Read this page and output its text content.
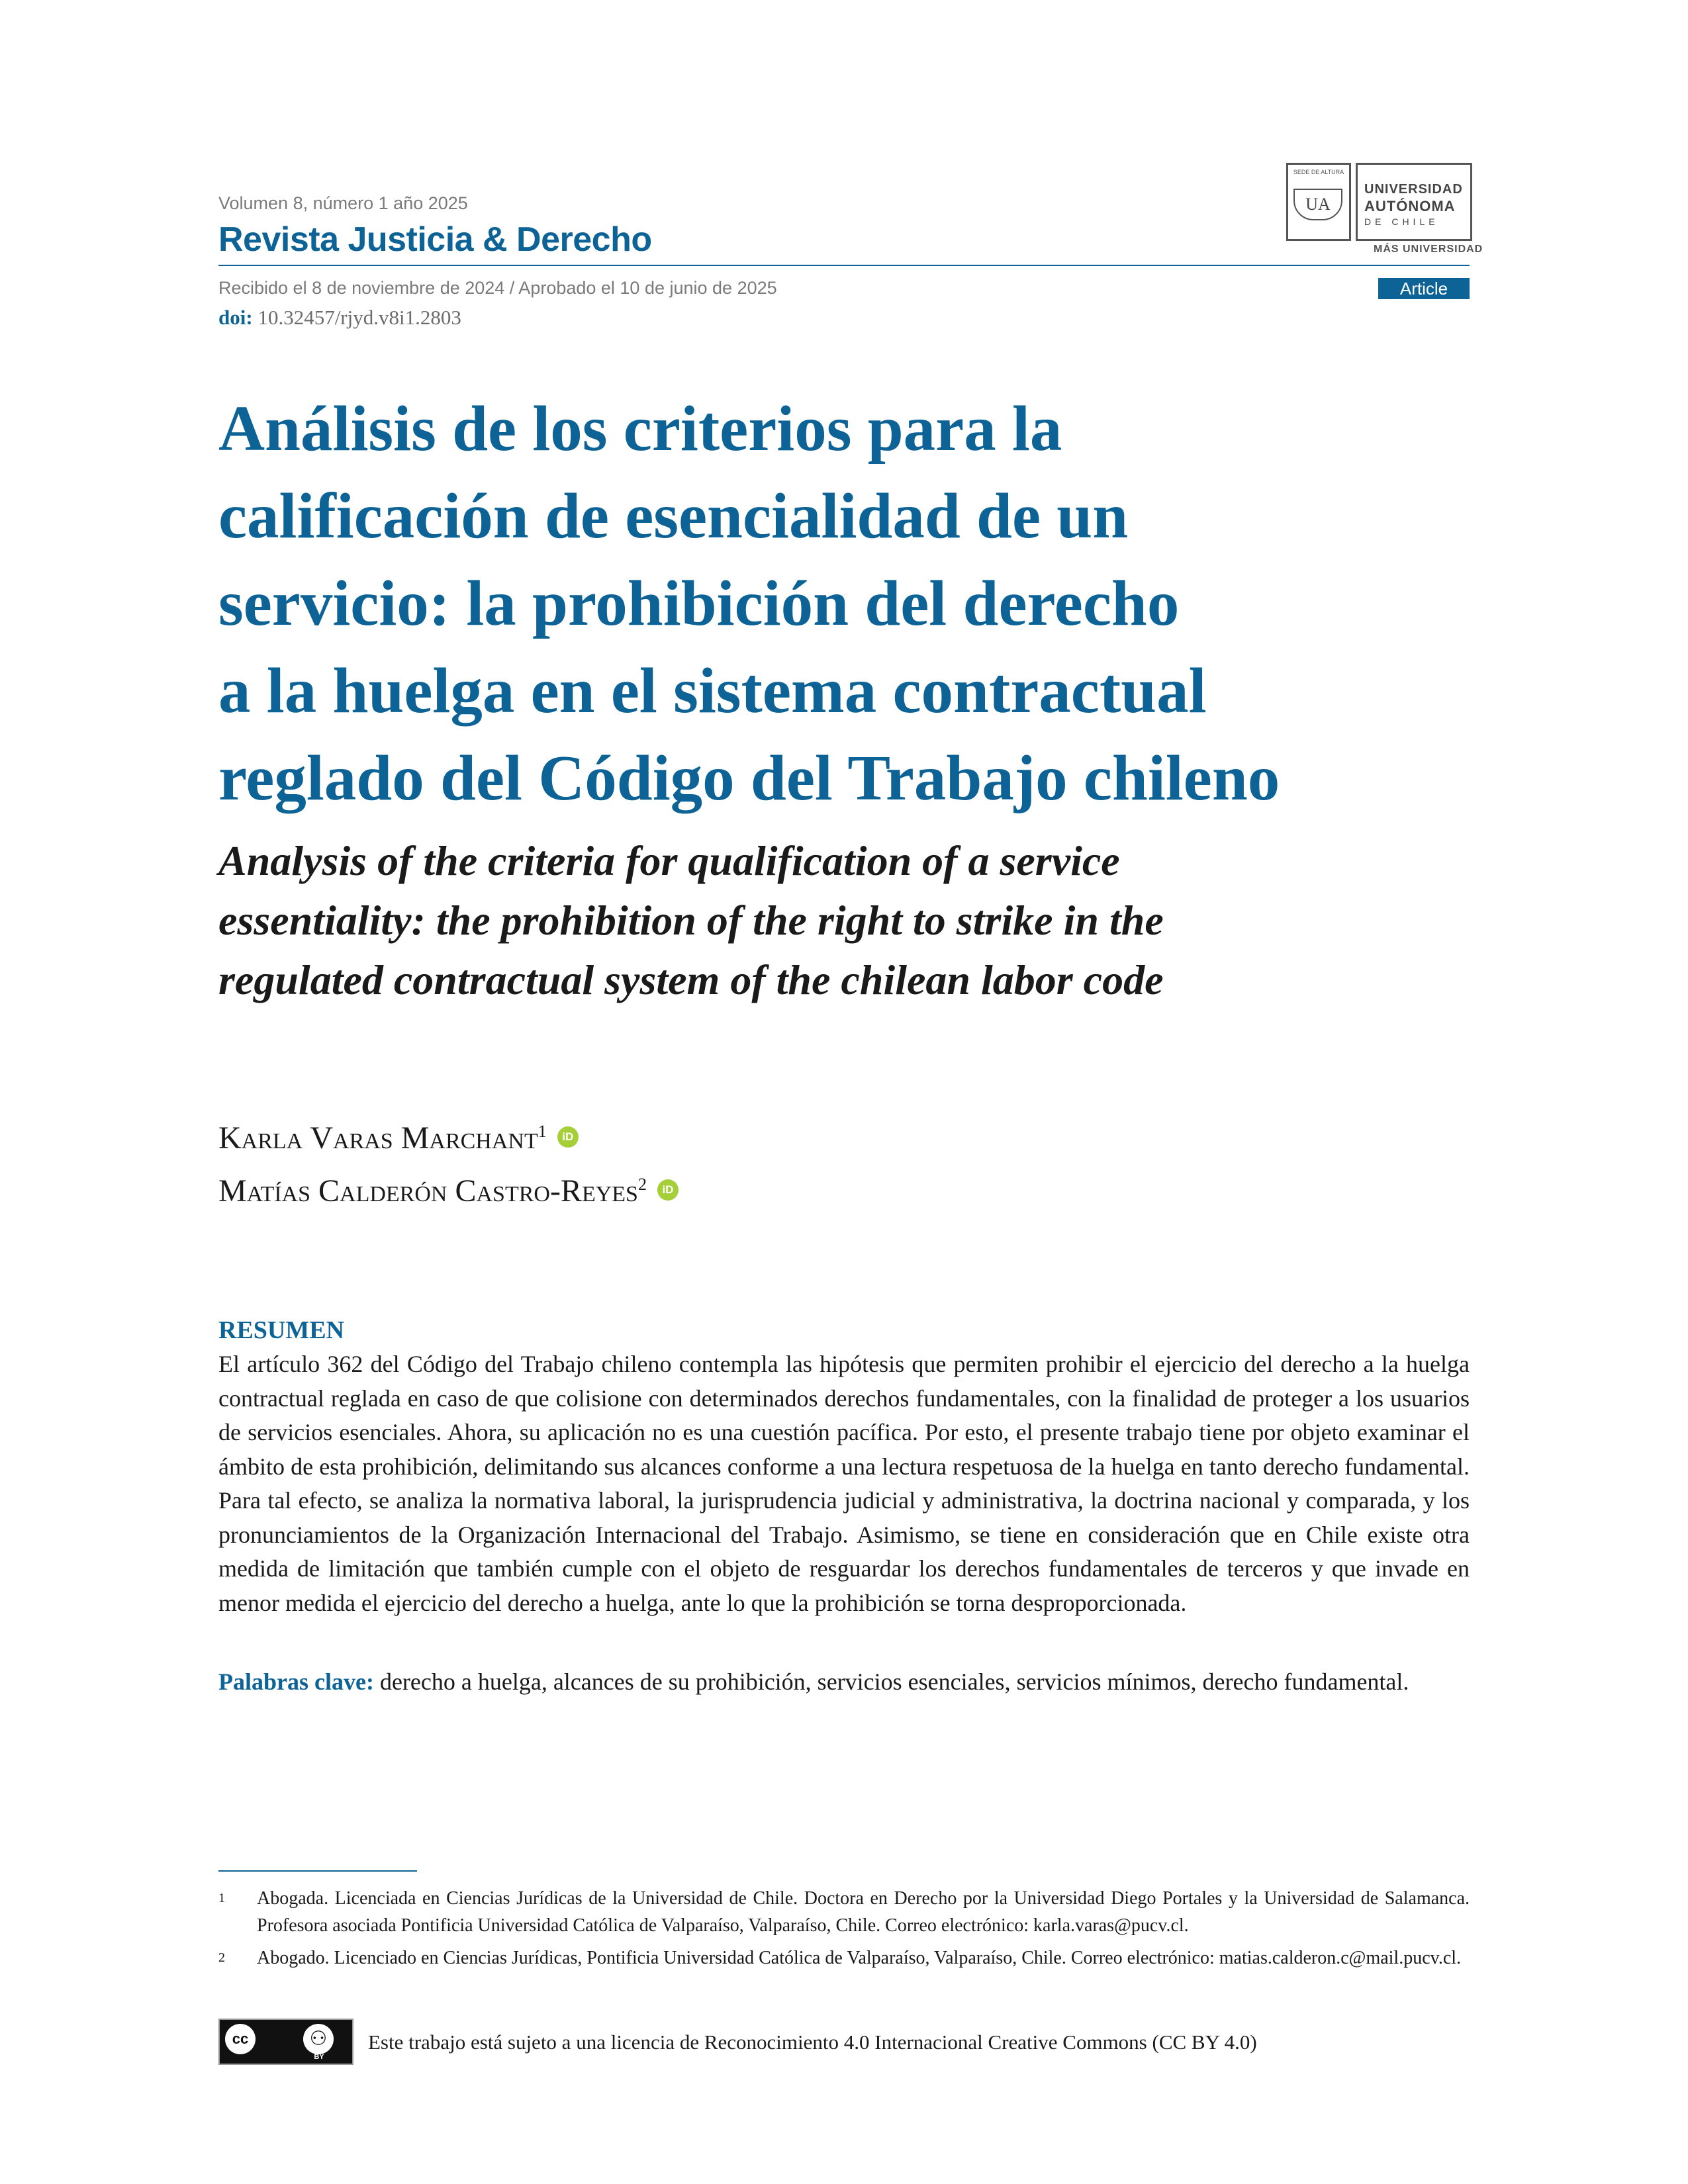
Volumen 8, número 1 año 2025
Revista Justicia & Derecho
Recibido el 8 de noviembre de 2024 / Aprobado el 10 de junio de 2025
doi: 10.32457/rjyd.v8i1.2803
Article
SEDE DE ALTURA
UA
UNIVERSIDAD
AUTÓNOMA
DE CHILE
MÁS UNIVERSIDAD
Análisis de los criterios para la
calificación de esencialidad de un
servicio: la prohibición del derecho
a la huelga en el sistema contractual
reglado del Código del Trabajo chileno
Analysis of the criteria for qualification of a service
essentiality: the prohibition of the right to strike in the
regulated contractual system of the chilean labor code
Karla Varas Marchant$^1$ iD
Matías Calderón Castro-Reyes$^2$ iD
RESUMEN
El artículo 362 del Código del Trabajo chileno contempla las hipótesis que permiten prohibir el ejercicio del derecho a la huelga contractual reglada en caso de que colisione con determinados derechos fundamentales, con la finalidad de proteger a los usuarios de servicios esenciales. Ahora, su aplicación no es una cuestión pacífica. Por esto, el presente trabajo tiene por objeto examinar el ámbito de esta prohibición, delimitando sus alcances conforme a una lectura respetuosa de la huelga en tanto derecho fundamental. Para tal efecto, se analiza la normativa laboral, la jurisprudencia judicial y administrativa, la doctrina nacional y comparada, y los pronunciamientos de la Organización Internacional del Trabajo. Asimismo, se tiene en consideración que en Chile existe otra medida de limitación que también cumple con el objeto de resguardar los derechos fundamentales de terceros y que invade en menor medida el ejercicio del derecho a huelga, ante lo que la prohibición se torna desproporcionada.
Palabras clave: derecho a huelga, alcances de su prohibición, servicios esenciales, servicios mínimos, derecho fundamental.
1 Abogada. Licenciada en Ciencias Jurídicas de la Universidad de Chile. Doctora en Derecho por la Universidad Diego Portales y la Universidad de Salamanca. Profesora asociada Pontificia Universidad Católica de Valparaíso, Valparaíso, Chile. Correo electrónico: karla.varas@pucv.cl.
2 Abogado. Licenciado en Ciencias Jurídicas, Pontificia Universidad Católica de Valparaíso, Valparaíso, Chile. Correo electrónico: matias.calderon.c@mail.pucv.cl.
cc	⚇
BY
Este trabajo está sujeto a una licencia de Reconocimiento 4.0 Internacional Creative Commons (CC BY 4.0)
